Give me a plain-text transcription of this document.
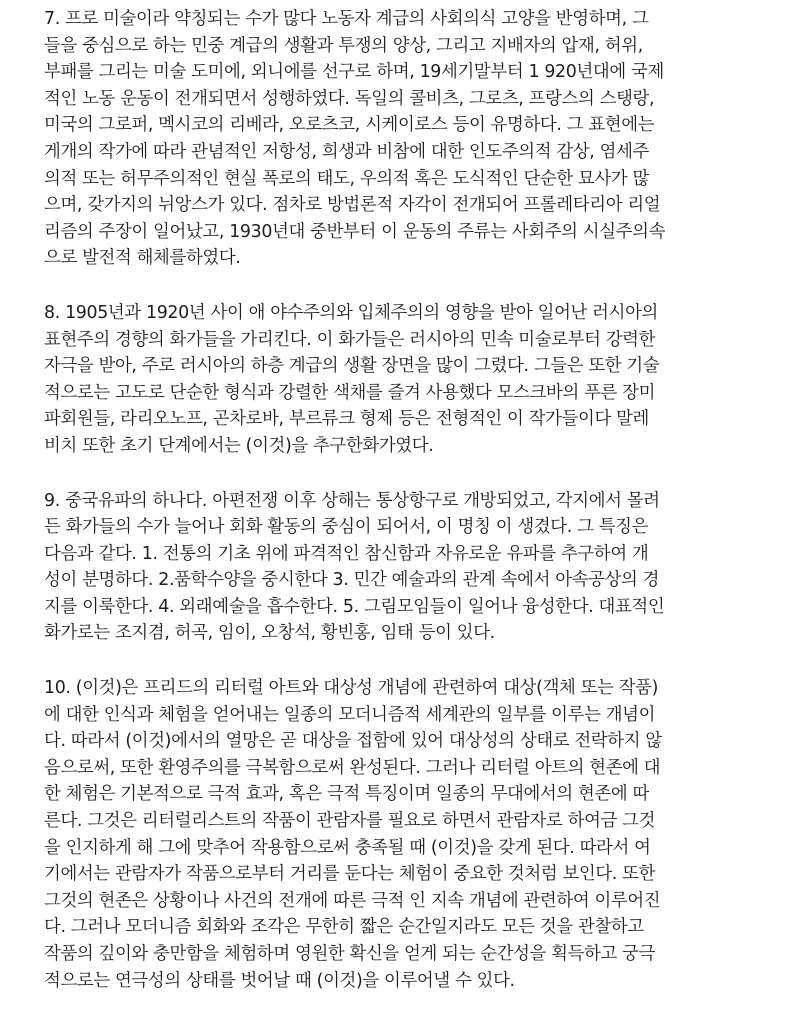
7. 프로 미술이라 약칭되는 수가 많다 노동자 계급의 사회의식 고양을 반영하며, 그
들을 중심으로 하는 민중 계급의 생활과 투쟁의 양상, 그리고 지배자의 압재, 허위,
부패를 그리는 미술 도미에, 외니에를 선구로 하며, 19세기말부터 1 920년대에 국제
적인 노동 운동이 전개되면서 성행하였다. 독일의 콜비츠, 그로츠, 프랑스의 스탱랑,
미국의 그로퍼, 멕시코의 리베라, 오로츠코, 시케이로스 등이 유명하다. 그 표현에는
게개의 작가에 따라 관념적인 저항성, 희생과 비참에 대한 인도주의적 감상, 염세주
의적 또는 허무주의적인 현실 폭로의 태도, 우의적 혹은 도식적인 단순한 묘사가 많
으며, 갖가지의 뉘앙스가 있다. 점차로 방법론적 자각이 전개되어 프롤레타리아 리얼
리즘의 주장이 일어났고, 1930년대 중반부터 이 운동의 주류는 사회주의 시실주의속
으로 발전적 해체를하였다.
8. 1905년과 1920년 사이 애 야수주의와 입체주의의 영향을 받아 일어난 러시아의
표현주의 경향의 화가들을 가리킨다. 이 화가들은 러시아의 민속 미술로부터 강력한
자극을 받아, 주로 러시아의 하층 계급의 생활 장면을 많이 그렸다. 그들은 또한 기술
적으로는 고도로 단순한 형식과 강렬한 색채를 즐겨 사용했다 모스크바의 푸른 장미
파회원들, 라리오노프, 곤차로바, 부르류크 형제 등은 전형적인 이 작가들이다 말레
비치 또한 초기 단계에서는 (이것)을 추구한화가였다.
9. 중국유파의 하나다. 아편전쟁 이후 상해는 통상항구로 개방되었고, 각지에서 몰려
든 화가들의 수가 늘어나 회화 활동의 중심이 되어서, 이 명칭 이 생겼다. 그 특징은
다음과 같다. 1. 전통의 기초 위에 파격적인 참신함과 자유로운 유파를 추구하여 개
성이 분명하다. 2.품학수양을 중시한다 3. 민간 예술과의 관계 속에서 아속공상의 경
지를 이룩한다. 4. 외래예술을 흡수한다. 5. 그림모임들이 일어나 융성한다. 대표적인
화가로는 조지겸, 허곡, 임이, 오창석, 황빈홍, 임태 등이 있다.
10. (이것)은 프리드의 리터럴 아트와 대상성 개념에 관련하여 대상(객체 또는 작품)
에 대한 인식과 체험을 얻어내는 일종의 모더니즘적 세계관의 일부를 이루는 개념이
다. 따라서 (이것)에서의 열망은 곧 대상을 접함에 있어 대상성의 상태로 전락하지 않
음으로써, 또한 환영주의를 극복함으로써 완성된다. 그러나 리터럴 아트의 현존에 대
한 체험은 기본적으로 극적 효과, 혹은 극적 특징이며 일종의 무대에서의 현존에 따
른다. 그것은 리터럴리스트의 작품이 관람자를 필요로 하면서 관람자로 하여금 그것
을 인지하게 해 그에 맞추어 작용함으로써 충족될 때 (이것)을 갖게 된다. 따라서 여
기에서는 관람자가 작품으로부터 거리를 둔다는 체험이 중요한 것처럼 보인다. 또한
그것의 현존은 상황이나 사건의 전개에 따른 극적 인 지속 개념에 관련하여 이루어진
다. 그러나 모더니즘 회화와 조각은 무한히 짧은 순간일지라도 모든 것을 관찰하고
작품의 깊이와 충만함을 체험하며 영원한 확신을 얻게 되는 순간성을 획득하고 궁극
적으로는 연극성의 상태를 벗어날 때 (이것)을 이루어낼 수 있다.
